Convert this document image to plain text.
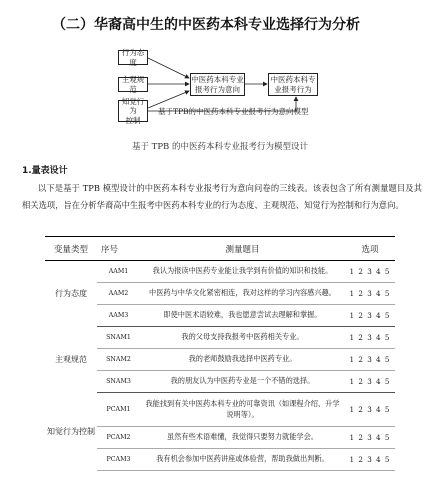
（二）华裔高中生的中医药本科专业选择行为分析
行为态度
主观规范
知觉行为
控制
中医药本科专业
报考行为意向
中医药本科专
业报考行为
基于TPB的中医药本科专业报考行为意向模型
基于 TPB 的中医药本科专业报考行为模型设计
1.量表设计
以下是基于 TPB 模型设计的中医药本科专业报考行为意向问卷的三线表。该表包含了所有测量题目及其相关选项，旨在分析华裔高中生报考中医药本科专业的行为态度、主观规范、知觉行为控制和行为意向。
变量类型	序号	测量题目	选项
行为态度	AAM1	我认为报读中医药专业能让我学到有价值的知识和技能。	1 2 3 4 5
	AAM2	中医药与中华文化紧密相连，我对这样的学习内容感兴趣。	1 2 3 4 5
	AAM3	即使中医术语较难，我也愿意尝试去理解和掌握。	1 2 3 4 5
主观规范	SNAM1	我的父母支持我报考中医药相关专业。	1 2 3 4 5
	SNAM2	我的老师鼓励我选择中医药专业。	1 2 3 4 5
	SNAM3	我的朋友认为中医药专业是一个不错的选择。	1 2 3 4 5
知觉行为控制	PCAM1	我能找到有关中医药本科专业的可靠资讯（如课程介绍、升学说明等）。	1 2 3 4 5
	PCAM2	虽然有些术语难懂，我觉得只要努力就能学会。	1 2 3 4 5
	PCAM3	我有机会参加中医药讲座或体验营，帮助我做出判断。	1 2 3 4 5
